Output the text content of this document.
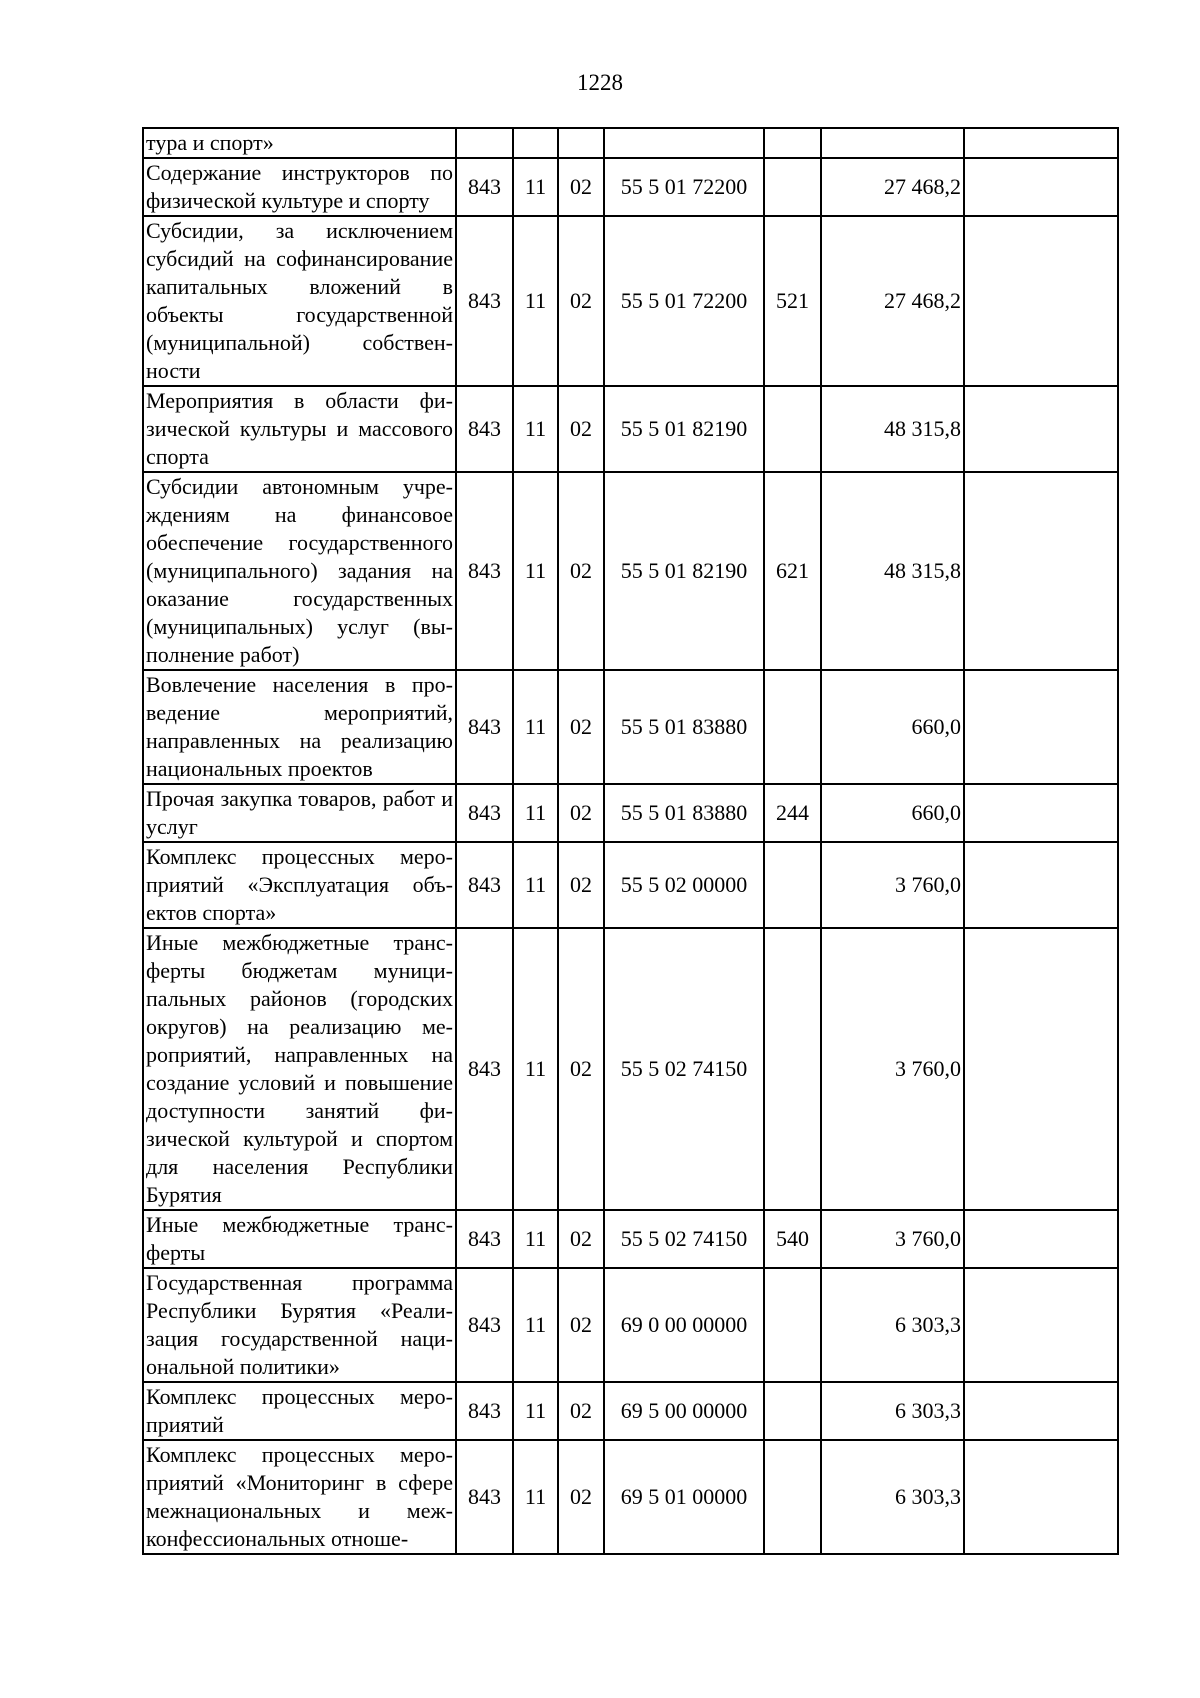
1228
тура и спорт»							
Содержание инструкторов по физической культуре и спорту	843	11	02	55 5 01 72200		27 468,2	
Субсидии, за исключением субсидий на софинансирование капитальных вложений в объекты государственной (муниципальной) собственности	843	11	02	55 5 01 72200	521	27 468,2	
Мероприятия в области физической культуры и массового спорта	843	11	02	55 5 01 82190		48 315,8	
Субсидии автономным учреждениям на финансовое обеспечение государственного (муниципального) задания на оказание государственных (муниципальных) услуг (выполнение работ)	843	11	02	55 5 01 82190	621	48 315,8	
Вовлечение населения в проведение мероприятий, направленных на реализацию национальных проектов	843	11	02	55 5 01 83880		660,0	
Прочая закупка товаров, работ и услуг	843	11	02	55 5 01 83880	244	660,0	
Комплекс процессных мероприятий «Эксплуатация объектов спорта»	843	11	02	55 5 02 00000		3 760,0	
Иные межбюджетные трансферты бюджетам муниципальных районов (городских округов) на реализацию мероприятий, направленных на создание условий и повышение доступности занятий физической культурой и спортом для населения Республики Бурятия	843	11	02	55 5 02 74150		3 760,0	
Иные межбюджетные трансферты	843	11	02	55 5 02 74150	540	3 760,0	
Государственная программа Республики Бурятия «Реализация государственной национальной политики»	843	11	02	69 0 00 00000		6 303,3	
Комплекс процессных мероприятий	843	11	02	69 5 00 00000		6 303,3	
Комплекс процессных мероприятий «Мониторинг в сфере межнациональных и межконфессиональных отноше-	843	11	02	69 5 01 00000		6 303,3	
